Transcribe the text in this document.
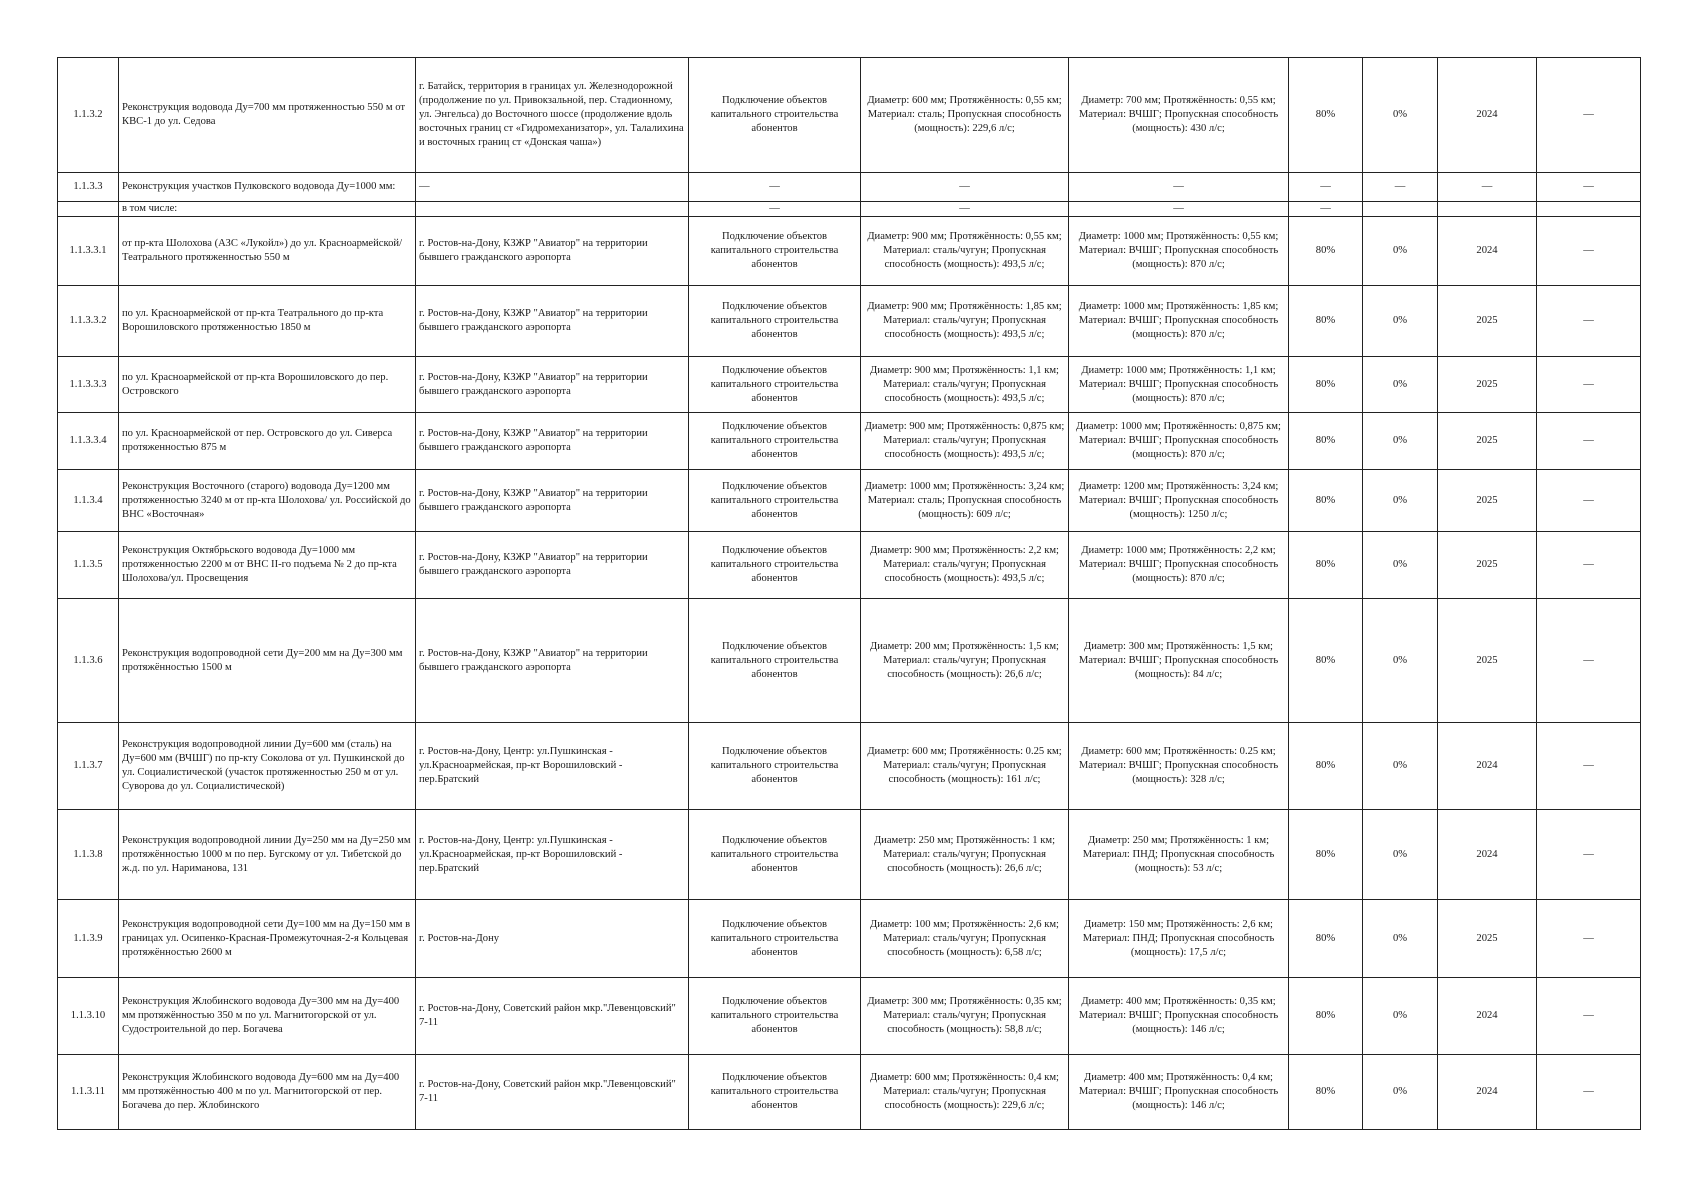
1.1.3.2	Реконструкция водовода Ду=700 мм протяженностью 550 м от КВС-1 до ул. Седова	г. Батайск, территория в границах ул. Железнодорожной (продолжение по ул. Привокзальной, пер. Стадионному, ул. Энгельса) до Восточного шоссе (продолжение вдоль восточных границ ст «Гидромеханизатор», ул. Талалихина и восточных границ ст «Донская чаша»)	Подключение объектов капитального строительства абонентов	Диаметр: 600 мм; Протяжённость: 0,55 км; Материал: сталь; Пропускная способность (мощность): 229,6 л/с;	Диаметр: 700 мм; Протяжённость: 0,55 км; Материал: ВЧШГ; Пропускная способность (мощность): 430 л/с;	80%	0%	2024	—
1.1.3.3	Реконструкция участков Пулковского водовода Ду=1000 мм:	—	—	—	—	—	—	—	—
	в том числе:		—	—	—	—			
1.1.3.3.1	от пр-кта Шолохова (АЗС «Лукойл») до ул. Красноармейской/Театрального протяженностью 550 м	г. Ростов-на-Дону, КЗЖР "Авиатор" на территории бывшего гражданского аэропорта	Подключение объектов капитального строительства абонентов	Диаметр: 900 мм; Протяжённость: 0,55 км; Материал: сталь/чугун; Пропускная способность (мощность): 493,5 л/с;	Диаметр: 1000 мм; Протяжённость: 0,55 км; Материал: ВЧШГ; Пропускная способность (мощность): 870 л/с;	80%	0%	2024	—
1.1.3.3.2	по ул. Красноармейской от пр-кта Театрального до пр-кта Ворошиловского протяженностью 1850 м	г. Ростов-на-Дону, КЗЖР "Авиатор" на территории бывшего гражданского аэропорта	Подключение объектов капитального строительства абонентов	Диаметр: 900 мм; Протяжённость: 1,85 км; Материал: сталь/чугун; Пропускная способность (мощность): 493,5 л/с;	Диаметр: 1000 мм; Протяжённость: 1,85 км; Материал: ВЧШГ; Пропускная способность (мощность): 870 л/с;	80%	0%	2025	—
1.1.3.3.3	по ул. Красноармейской от пр-кта Ворошиловского до пер. Островского	г. Ростов-на-Дону, КЗЖР "Авиатор" на территории бывшего гражданского аэропорта	Подключение объектов капитального строительства абонентов	Диаметр: 900 мм; Протяжённость: 1,1 км; Материал: сталь/чугун; Пропускная способность (мощность): 493,5 л/с;	Диаметр: 1000 мм; Протяжённость: 1,1 км; Материал: ВЧШГ; Пропускная способность (мощность): 870 л/с;	80%	0%	2025	—
1.1.3.3.4	по ул. Красноармейской от пер. Островского до ул. Сиверса протяженностью 875 м	г. Ростов-на-Дону, КЗЖР "Авиатор" на территории бывшего гражданского аэропорта	Подключение объектов капитального строительства абонентов	Диаметр: 900 мм; Протяжённость: 0,875 км; Материал: сталь/чугун; Пропускная способность (мощность): 493,5 л/с;	Диаметр: 1000 мм; Протяжённость: 0,875 км; Материал: ВЧШГ; Пропускная способность (мощность): 870 л/с;	80%	0%	2025	—
1.1.3.4	Реконструкция Восточного (старого) водовода Ду=1200 мм протяженностью 3240 м от пр-кта Шолохова/ ул. Российской до ВНС «Восточная»	г. Ростов-на-Дону, КЗЖР "Авиатор" на территории бывшего гражданского аэропорта	Подключение объектов капитального строительства абонентов	Диаметр: 1000 мм; Протяжённость: 3,24 км; Материал: сталь; Пропускная способность (мощность): 609 л/с;	Диаметр: 1200 мм; Протяжённость: 3,24 км; Материал: ВЧШГ; Пропускная способность (мощность): 1250 л/с;	80%	0%	2025	—
1.1.3.5	Реконструкция Октябрьского водовода Ду=1000 мм протяженностью 2200 м от ВНС II-го подъема № 2 до пр-кта Шолохова/ул. Просвещения	г. Ростов-на-Дону, КЗЖР "Авиатор" на территории бывшего гражданского аэропорта	Подключение объектов капитального строительства абонентов	Диаметр: 900 мм; Протяжённость: 2,2 км; Материал: сталь/чугун; Пропускная способность (мощность): 493,5 л/с;	Диаметр: 1000 мм; Протяжённость: 2,2 км; Материал: ВЧШГ; Пропускная способность (мощность): 870 л/с;	80%	0%	2025	—
1.1.3.6	Реконструкция водопроводной сети Ду=200 мм на Ду=300 мм протяжённостью 1500 м	г. Ростов-на-Дону, КЗЖР "Авиатор" на территории бывшего гражданского аэропорта	Подключение объектов капитального строительства абонентов	Диаметр: 200 мм; Протяжённость: 1,5 км; Материал: сталь/чугун; Пропускная способность (мощность): 26,6 л/с;	Диаметр: 300 мм; Протяжённость: 1,5 км; Материал: ВЧШГ; Пропускная способность (мощность): 84 л/с;	80%	0%	2025	—
1.1.3.7	Реконструкция водопроводной линии Ду=600 мм (сталь) на Ду=600 мм (ВЧШГ) по пр-кту Соколова от ул. Пушкинской до ул. Социалистической (участок протяженностью 250 м от ул. Суворова до ул. Социалистической)	г. Ростов-на-Дону, Центр: ул.Пушкинская - ул.Красноармейская, пр-кт Ворошиловский - пер.Братский	Подключение объектов капитального строительства абонентов	Диаметр: 600 мм; Протяжённость: 0.25 км; Материал: сталь/чугун; Пропускная способность (мощность): 161 л/с;	Диаметр: 600 мм; Протяжённость: 0.25 км; Материал: ВЧШГ; Пропускная способность (мощность): 328 л/с;	80%	0%	2024	—
1.1.3.8	Реконструкция водопроводной линии Ду=250 мм на Ду=250 мм протяжённостью 1000 м по пер. Бугскому от ул. Тибетской до ж.д. по ул. Нариманова, 131	г. Ростов-на-Дону, Центр: ул.Пушкинская - ул.Красноармейская, пр-кт Ворошиловский - пер.Братский	Подключение объектов капитального строительства абонентов	Диаметр: 250 мм; Протяжённость: 1 км; Материал: сталь/чугун; Пропускная способность (мощность): 26,6 л/с;	Диаметр: 250 мм; Протяжённость: 1 км; Материал: ПНД; Пропускная способность (мощность): 53 л/с;	80%	0%	2024	—
1.1.3.9	Реконструкция водопроводной сети Ду=100 мм на Ду=150 мм в границах ул. Осипенко-Красная-Промежуточная-2-я Кольцевая протяжённостью 2600 м	г. Ростов-на-Дону	Подключение объектов капитального строительства абонентов	Диаметр: 100 мм; Протяжённость: 2,6 км; Материал: сталь/чугун; Пропускная способность (мощность): 6,58 л/с;	Диаметр: 150 мм; Протяжённость: 2,6 км; Материал: ПНД; Пропускная способность (мощность): 17,5 л/с;	80%	0%	2025	—
1.1.3.10	Реконструкция Жлобинского водовода Ду=300 мм на Ду=400 мм протяжённостью 350 м по ул. Магнитогорской от ул. Судостроительной до пер. Богачева	г. Ростов-на-Дону, Советский район мкр."Левенцовский" 7-11	Подключение объектов капитального строительства абонентов	Диаметр: 300 мм; Протяжённость: 0,35 км; Материал: сталь/чугун; Пропускная способность (мощность): 58,8 л/с;	Диаметр: 400 мм; Протяжённость: 0,35 км; Материал: ВЧШГ; Пропускная способность (мощность): 146 л/с;	80%	0%	2024	—
1.1.3.11	Реконструкция Жлобинского водовода Ду=600 мм на Ду=400 мм протяжённостью 400 м по ул. Магнитогорской от пер. Богачева до пер. Жлобинского	г. Ростов-на-Дону, Советский район мкр."Левенцовский" 7-11	Подключение объектов капитального строительства абонентов	Диаметр: 600 мм; Протяжённость: 0,4 км; Материал: сталь/чугун; Пропускная способность (мощность): 229,6 л/с;	Диаметр: 400 мм; Протяжённость: 0,4 км; Материал: ВЧШГ; Пропускная способность (мощность): 146 л/с;	80%	0%	2024	—
